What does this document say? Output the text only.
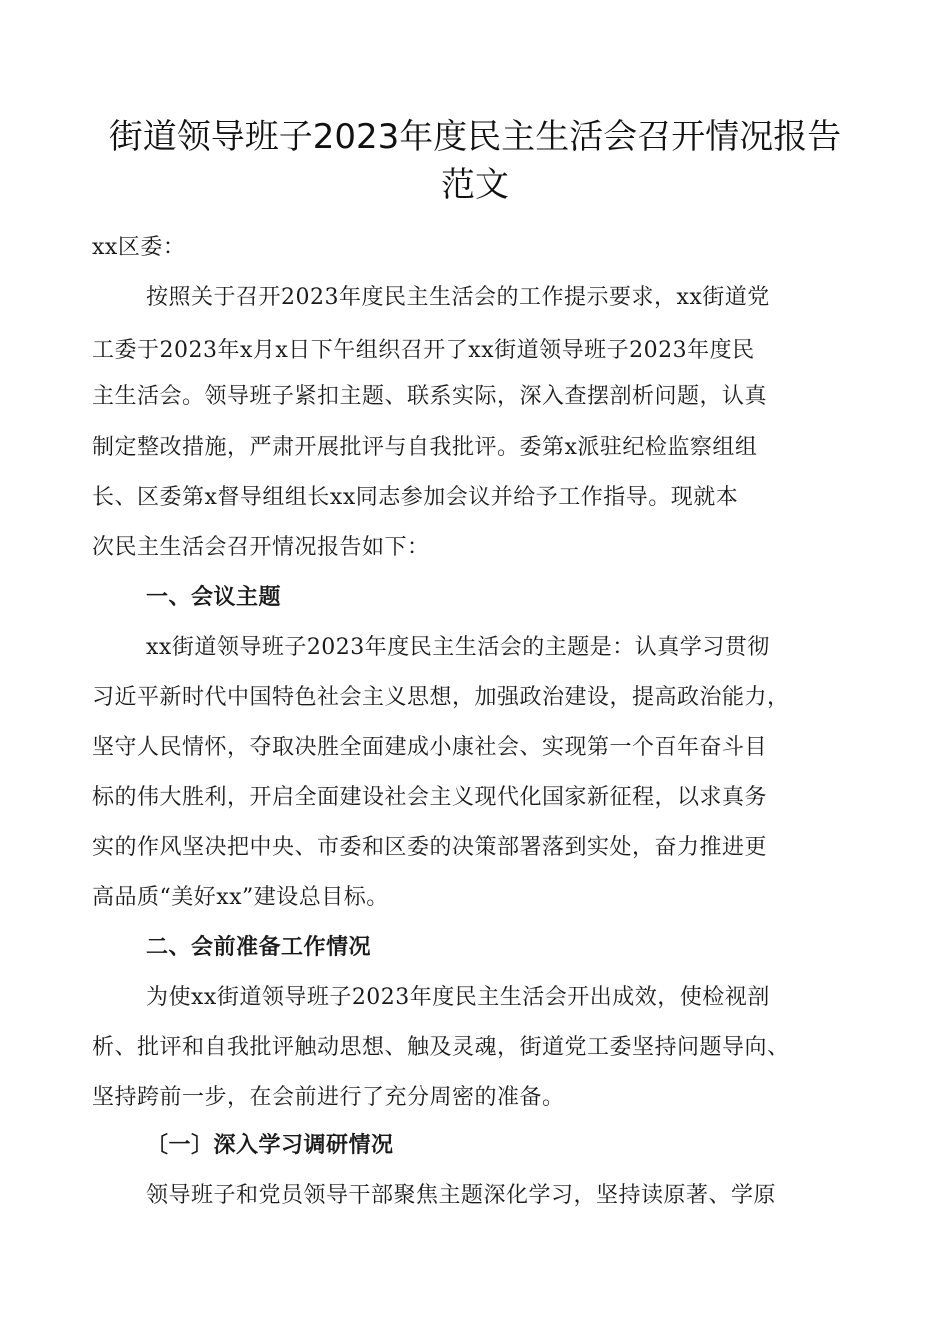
街道领导班子2023年度民主生活会召开情况报告
范文
xx区委：
按照关于召开2023年度民主生活会的工作提示要求，xx街道党
工委于2023年x月x日下午组织召开了xx街道领导班子2023年度民
主生活会。领导班子紧扣主题、联系实际，深入查摆剖析问题，认真
制定整改措施，严肃开展批评与自我批评。委第x派驻纪检监察组组
长、区委第x督导组组长xx同志参加会议并给予工作指导。现就本
次民主生活会召开情况报告如下：
一、会议主题
xx街道领导班子2023年度民主生活会的主题是：认真学习贯彻
习近平新时代中国特色社会主义思想，加强政治建设，提高政治能力，
坚守人民情怀，夺取决胜全面建成小康社会、实现第一个百年奋斗目
标的伟大胜利，开启全面建设社会主义现代化国家新征程，以求真务
实的作风坚决把中央、市委和区委的决策部署落到实处，奋力推进更
高品质“美好xx”建设总目标。
二、会前准备工作情况
为使xx街道领导班子2023年度民主生活会开出成效，使检视剖
析、批评和自我批评触动思想、触及灵魂，街道党工委坚持问题导向、
坚持跨前一步，在会前进行了充分周密的准备。
〔一〕深入学习调研情况
领导班子和党员领导干部聚焦主题深化学习，坚持读原著、学原
